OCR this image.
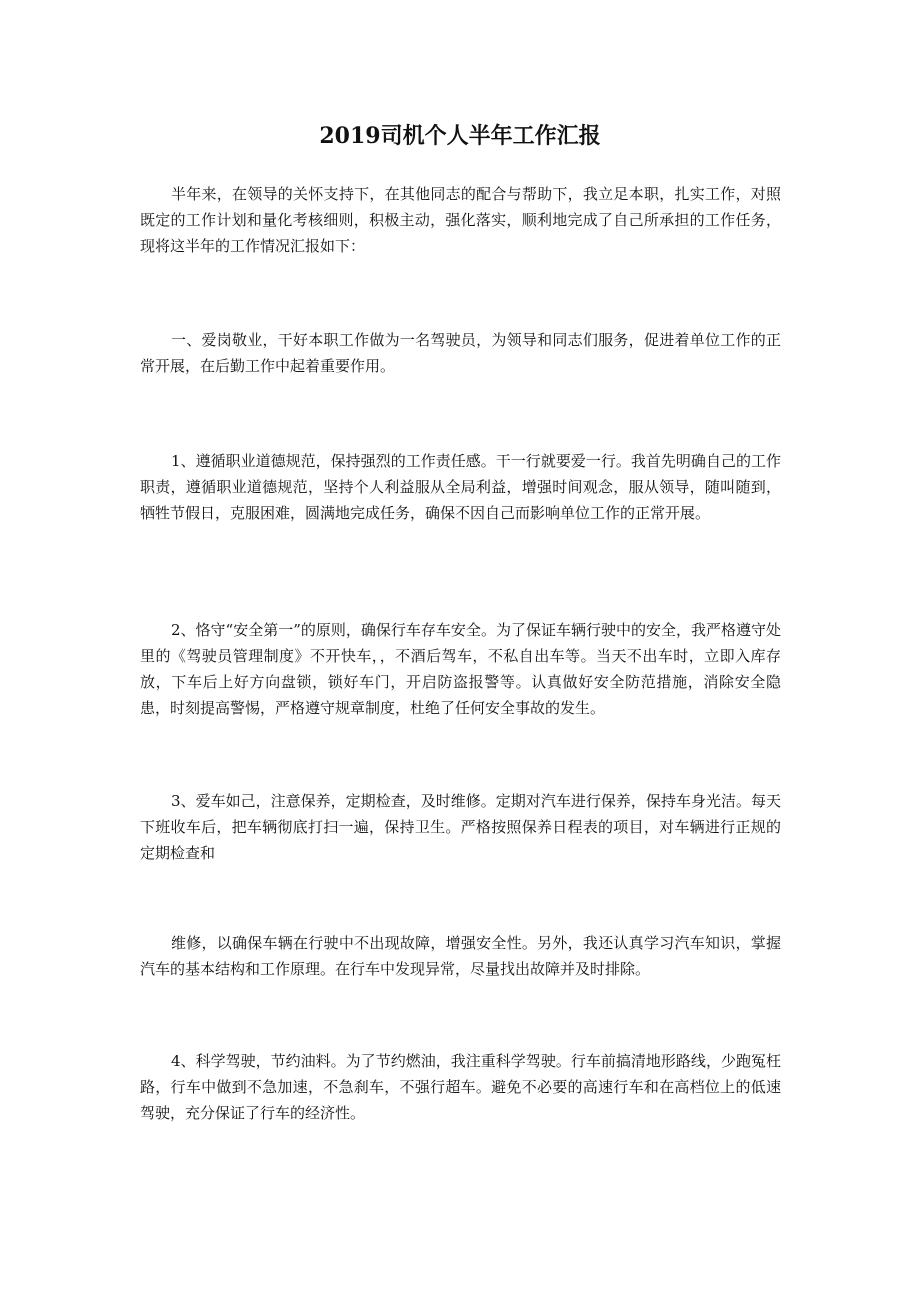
2019司机个人半年工作汇报

半年来，在领导的关怀支持下，在其他同志的配合与帮助下，我立足本职，扎实工作，对照既定的工作计划和量化考核细则，积极主动，强化落实，顺利地完成了自己所承担的工作任务，现将这半年的工作情况汇报如下：

一、爱岗敬业，干好本职工作做为一名驾驶员，为领导和同志们服务，促进着单位工作的正常开展，在后勤工作中起着重要作用。

1、遵循职业道德规范，保持强烈的工作责任感。干一行就要爱一行。我首先明确自己的工作职责，遵循职业道德规范，坚持个人利益服从全局利益，增强时间观念，服从领导，随叫随到，牺牲节假日，克服困难，圆满地完成任务，确保不因自己而影响单位工作的正常开展。

2、恪守“安全第一”的原则，确保行车存车安全。为了保证车辆行驶中的安全，我严格遵守处里的《驾驶员管理制度》不开快车，，不酒后驾车，不私自出车等。当天不出车时，立即入库存放，下车后上好方向盘锁，锁好车门，开启防盗报警等。认真做好安全防范措施，消除安全隐患，时刻提高警惕，严格遵守规章制度，杜绝了任何安全事故的发生。

3、爱车如己，注意保养，定期检查，及时维修。定期对汽车进行保养，保持车身光洁。每天下班收车后，把车辆彻底打扫一遍，保持卫生。严格按照保养日程表的项目，对车辆进行正规的定期检查和

维修，以确保车辆在行驶中不出现故障，增强安全性。另外，我还认真学习汽车知识，掌握汽车的基本结构和工作原理。在行车中发现异常，尽量找出故障并及时排除。

4、科学驾驶，节约油料。为了节约燃油，我注重科学驾驶。行车前搞清地形路线，少跑冤枉路，行车中做到不急加速，不急刹车，不强行超车。避免不必要的高速行车和在高档位上的低速驾驶，充分保证了行车的经济性。
